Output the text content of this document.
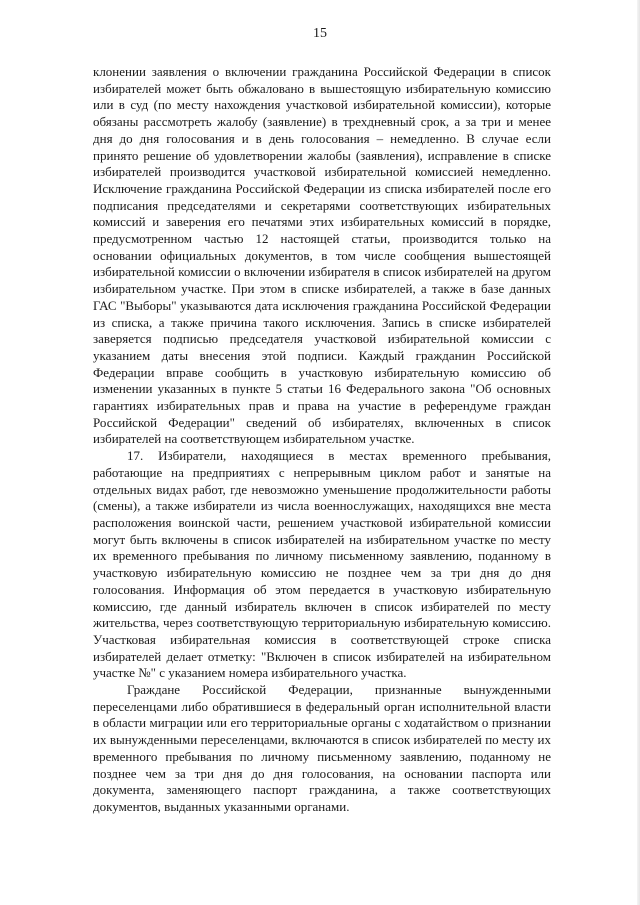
15

клонении заявления о включении гражданина Российской Федерации в список избирателей может быть обжаловано в вышестоящую избирательную комиссию или в суд (по месту нахождения участковой избирательной комиссии), которые обязаны рассмотреть жалобу (заявление) в трехдневный срок, а за три и менее дня до дня голосования и в день голосования – немедленно. В случае если принято решение об удовлетворении жалобы (заявления), исправление в списке избирателей производится участковой избирательной комиссией немедленно. Исключение гражданина Российской Федерации из списка избирателей после его подписания председателями и секретарями соответствующих избирательных комиссий и заверения его печатями этих избирательных комиссий в порядке, предусмотренном частью 12 настоящей статьи, производится только на основании официальных документов, в том числе сообщения вышестоящей избирательной комиссии о включении избирателя в список избирателей на другом избирательном участке. При этом в списке избирателей, а также в базе данных ГАС "Выборы" указываются дата исключения гражданина Российской Федерации из списка, а также причина такого исключения. Запись в списке избирателей заверяется подписью председателя участковой избирательной комиссии с указанием даты внесения этой подписи. Каждый гражданин Российской Федерации вправе сообщить в участковую избирательную комиссию об изменении указанных в пункте 5 статьи 16 Федерального закона "Об основных гарантиях избирательных прав и права на участие в референдуме граждан Российской Федерации" сведений об избирателях, включенных в список избирателей на соответствующем избирательном участке.

17. Избиратели, находящиеся в местах временного пребывания, работающие на предприятиях с непрерывным циклом работ и занятые на отдельных видах работ, где невозможно уменьшение продолжительности работы (смены), а также избиратели из числа военнослужащих, находящихся вне места расположения воинской части, решением участковой избирательной комиссии могут быть включены в список избирателей на избирательном участке по месту их временного пребывания по личному письменному заявлению, поданному в участковую избирательную комиссию не позднее чем за три дня до дня голосования. Информация об этом передается в участковую избирательную комиссию, где данный избиратель включен в список избирателей по месту жительства, через соответствующую территориальную избирательную комиссию. Участковая избирательная комиссия в соответствующей строке списка избирателей делает отметку: "Включен в список избирателей на избирательном участке №" с указанием номера избирательного участка.

Граждане Российской Федерации, признанные вынужденными переселенцами либо обратившиеся в федеральный орган исполнительной власти в области миграции или его территориальные органы с ходатайством о признании их вынужденными переселенцами, включаются в список избирателей по месту их временного пребывания по личному письменному заявлению, поданному не позднее чем за три дня до дня голосования, на основании паспорта или документа, заменяющего паспорт гражданина, а также соответствующих документов, выданных указанными органами.
